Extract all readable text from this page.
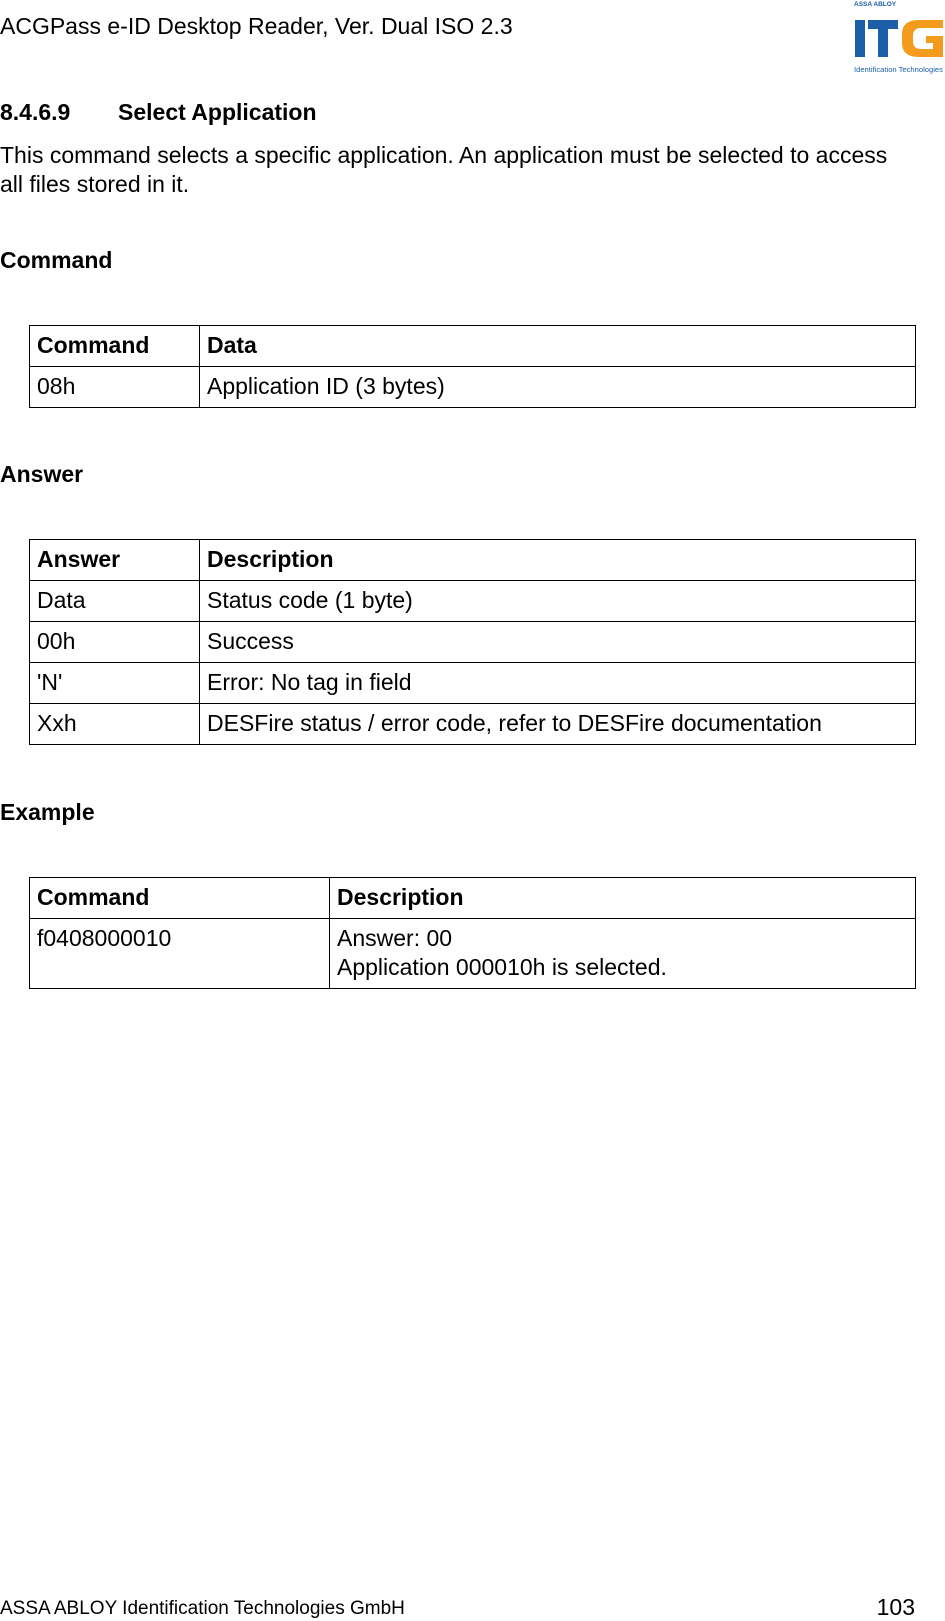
ACGPass e-ID Desktop Reader, Ver. Dual ISO 2.3
ASSA ABLOY
Identification Technologies
8.4.6.9 Select Application
This command selects a specific application. An application must be selected to access all files stored in it.
Command
Command	Data
08h	Application ID (3 bytes)
Answer
Answer	Description
Data	Status code (1 byte)
00h	Success
'N'	Error: No tag in field
Xxh	DESFire status / error code, refer to DESFire documentation
Example
Command	Description
f0408000010	Answer: 00
Application 000010h is selected.
ASSA ABLOY Identification Technologies GmbH	103
